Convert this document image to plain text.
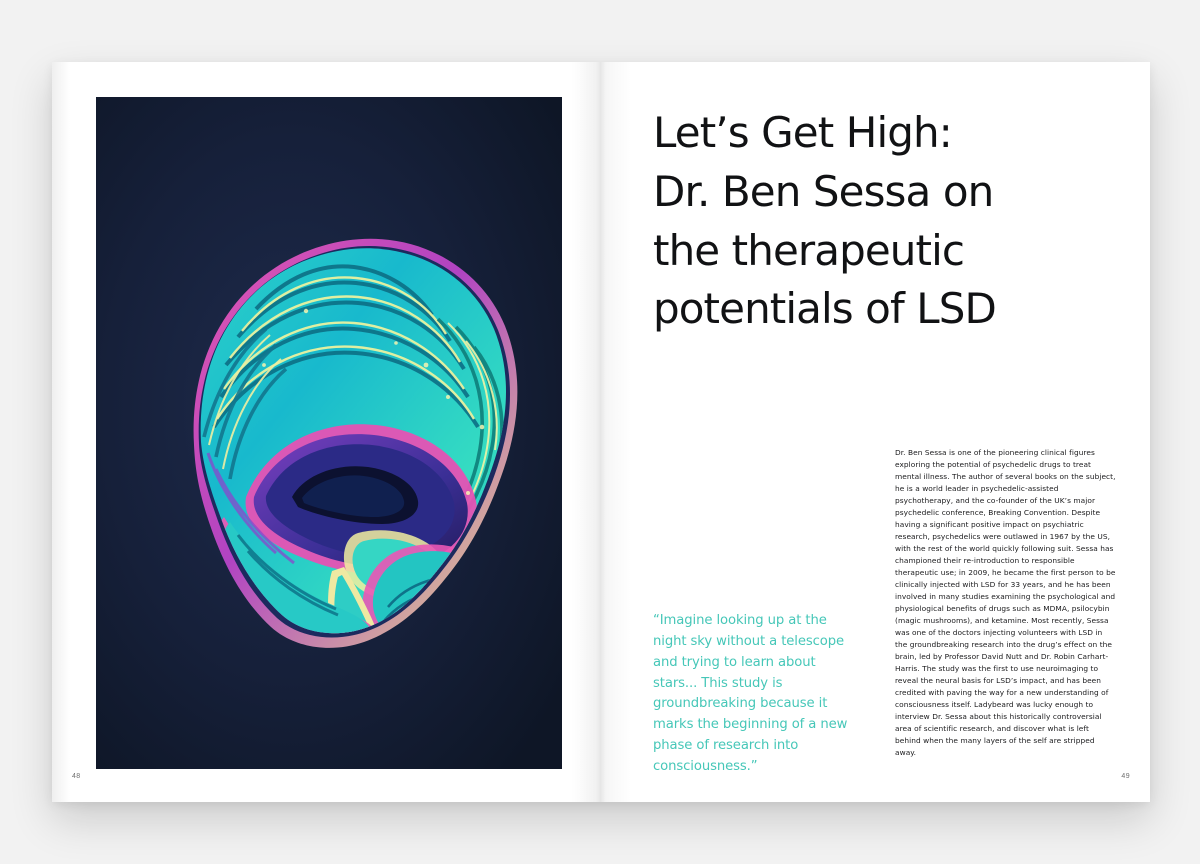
48
Let’s Get High:
Dr. Ben Sessa on
the therapeutic
potentials of LSD
Dr. Ben Sessa is one of the pioneering clinical figures exploring the potential of psychedelic drugs to treat mental illness. The author of several books on the subject, he is a world leader in psychedelic-assisted psychotherapy, and the co-founder of the UK’s major psychedelic conference, Breaking Convention. Despite having a significant positive impact on psychiatric research, psychedelics were outlawed in 1967 by the US, with the rest of the world quickly following suit. Sessa has championed their re-introduction to responsible therapeutic use; in 2009, he became the first person to be clinically injected with LSD for 33 years, and he has been involved in many studies examining the psychological and physiological benefits of drugs such as MDMA, psilocybin (magic mushrooms), and ketamine. Most recently, Sessa was one of the doctors injecting volunteers with LSD in the groundbreaking research into the drug’s effect on the brain, led by Professor David Nutt and Dr. Robin Carhart-Harris. The study was the first to use neuroimaging to reveal the neural basis for LSD’s impact, and has been credited with paving the way for a new understanding of consciousness itself. Ladybeard was lucky enough to interview Dr. Sessa about this historically controversial area of scientific research, and discover what is left behind when the many layers of the self are stripped away.
“Imagine looking up at the night sky without a telescope and trying to learn about stars... This study is groundbreaking because it marks the beginning of a new phase of research into consciousness.”
49
